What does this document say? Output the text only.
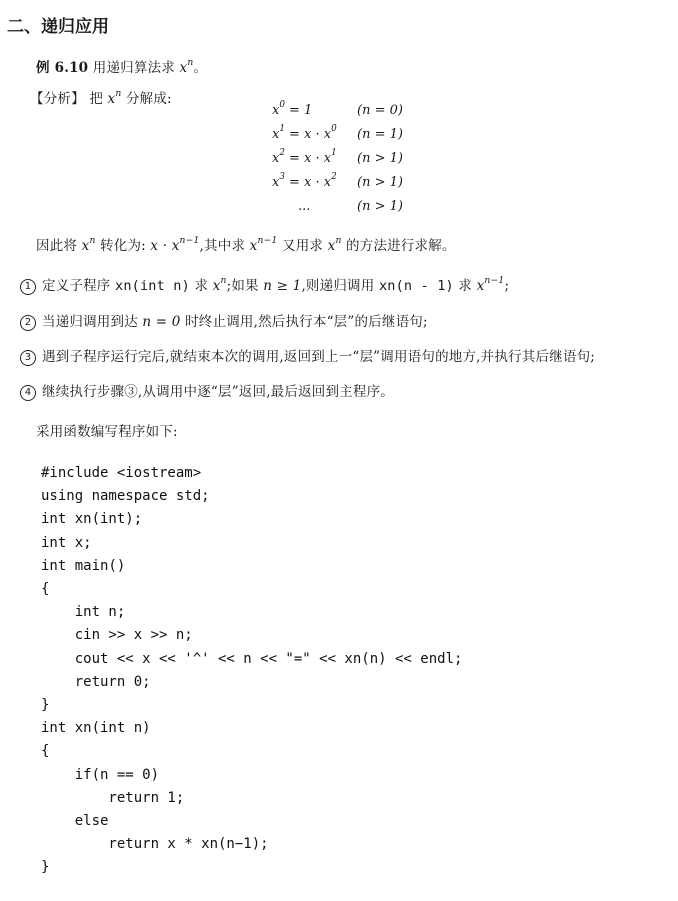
二、递归应用
例 6.10 用递归算法求 $x^n$。
【分析】 把 $x^n$ 分解成:
$x^0 = 1$	(n = 0)
$x^1 = x \cdot x^0$ (n = 1)
$x^2 = x \cdot x^1$ (n > 1)
$x^3 = x \cdot x^2$ (n > 1)
...	(n > 1)
因此将 $x^n$ 转化为: $x \cdot x^{n-1}$,其中求 $x^{n-1}$ 又用求 $x^n$ 的方法进行求解。
1 定义子程序 xn(int n) 求 $x^n$;如果 n ≥ 1,则递归调用 xn(n - 1) 求 $x^{n-1}$;
2 当递归调用到达 n = 0 时终止调用,然后执行本“层”的后继语句;
3 遇到子程序运行完后,就结束本次的调用,返回到上一“层”调用语句的地方,并执行其后继语句;
4 继续执行步骤③,从调用中逐“层”返回,最后返回到主程序。
采用函数编写程序如下:
#include <iostream>
using namespace std;
int xn(int);
int x;
int main()
{
int n;
cin >> x >> n;
cout << x << '^' << n << "=" << xn(n) << endl;
return 0;
}
int xn(int n)
{
if(n == 0)
return 1;
else
return x * xn(n−1);
}
